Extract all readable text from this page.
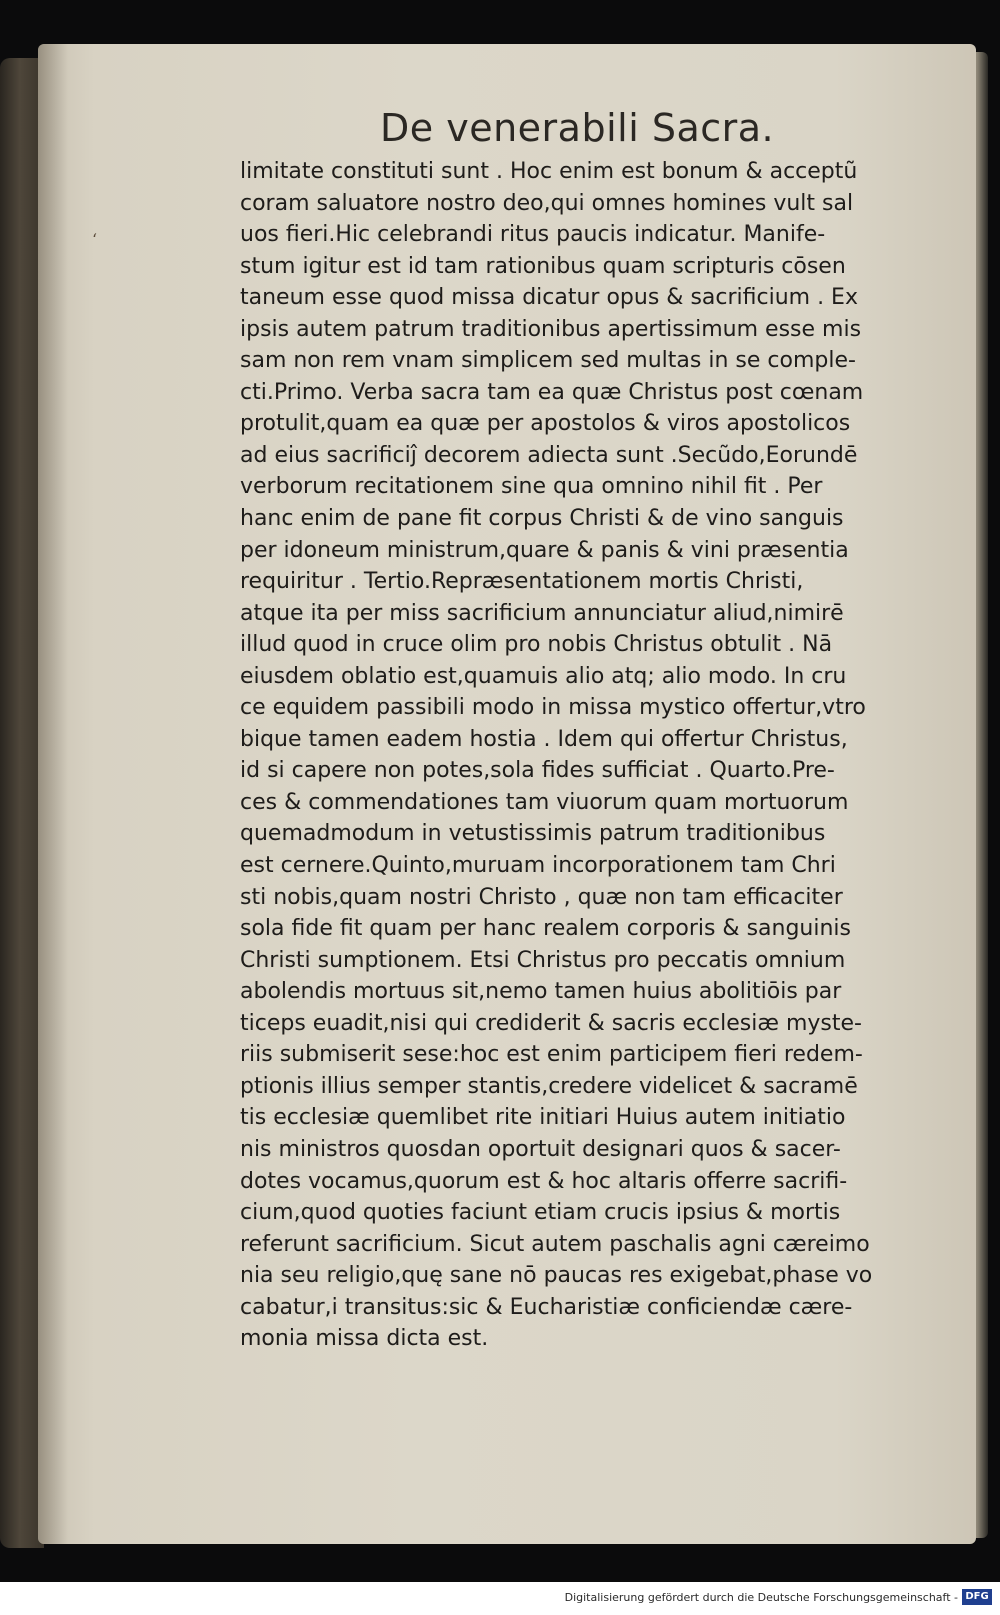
De venerabili Sacra.
‘
limitate constituti sunt . Hoc enim est bonum & acceptũ
coram saluatore nostro deo,qui omnes homines vult sal
uos fieri.Hic celebrandi ritus paucis indicatur. Manife-
stum igitur est id tam rationibus quam scripturis cōsen
taneum esse quod missa dicatur opus & sacrificium . Ex
ipsis autem patrum traditionibus apertissimum esse mis
sam non rem vnam simplicem sed multas in se comple-
cti.Primo. Verba sacra tam ea quæ Christus post cœnam
protulit,quam ea quæ per apostolos & viros apostolicos
ad eius sacrificiĵ decorem adiecta sunt .Secũdo,Eorundē
verborum recitationem sine qua omnino nihil fit . Per
hanc enim de pane fit corpus Christi & de vino sanguis
per idoneum ministrum,quare & panis & vini præsentia
requiritur . Tertio.Repræsentationem mortis Christi,
atque ita per miss sacrificium annunciatur aliud,nimirē
illud quod in cruce olim pro nobis Christus obtulit . Nā
eiusdem oblatio est,quamuis alio atq; alio modo. In cru
ce equidem passibili modo in missa mystico offertur,vtro
bique tamen eadem hostia . Idem qui offertur Christus,
id si capere non potes,sola fides sufficiat . Quarto.Pre-
ces & commendationes tam viuorum quam mortuorum
quemadmodum in vetustissimis patrum traditionibus
est cernere.Quinto,muruam incorporationem tam Chri
sti nobis,quam nostri Christo , quæ non tam efficaciter
sola fide fit quam per hanc realem corporis & sanguinis
Christi sumptionem. Etsi Christus pro peccatis omnium
abolendis mortuus sit,nemo tamen huius abolitiōis par
ticeps euadit,nisi qui crediderit & sacris ecclesiæ myste-
riis submiserit sese:hoc est enim participem fieri redem-
ptionis illius semper stantis,credere videlicet & sacramē
tis ecclesiæ quemlibet rite initiari Huius autem initiatio
nis ministros quosdan oportuit designari quos & sacer-
dotes vocamus,quorum est & hoc altaris offerre sacrifi-
cium,quod quoties faciunt etiam crucis ipsius & mortis
referunt sacrificium. Sicut autem paschalis agni cæreimo
nia seu religio,quę sane nō paucas res exigebat,phase vo
cabatur,i transitus:sic & Eucharistiæ conficiendæ cære-
monia missa dicta est.
Digitalisierung gefördert durch die Deutsche Forschungsgemeinschaft - DFG
